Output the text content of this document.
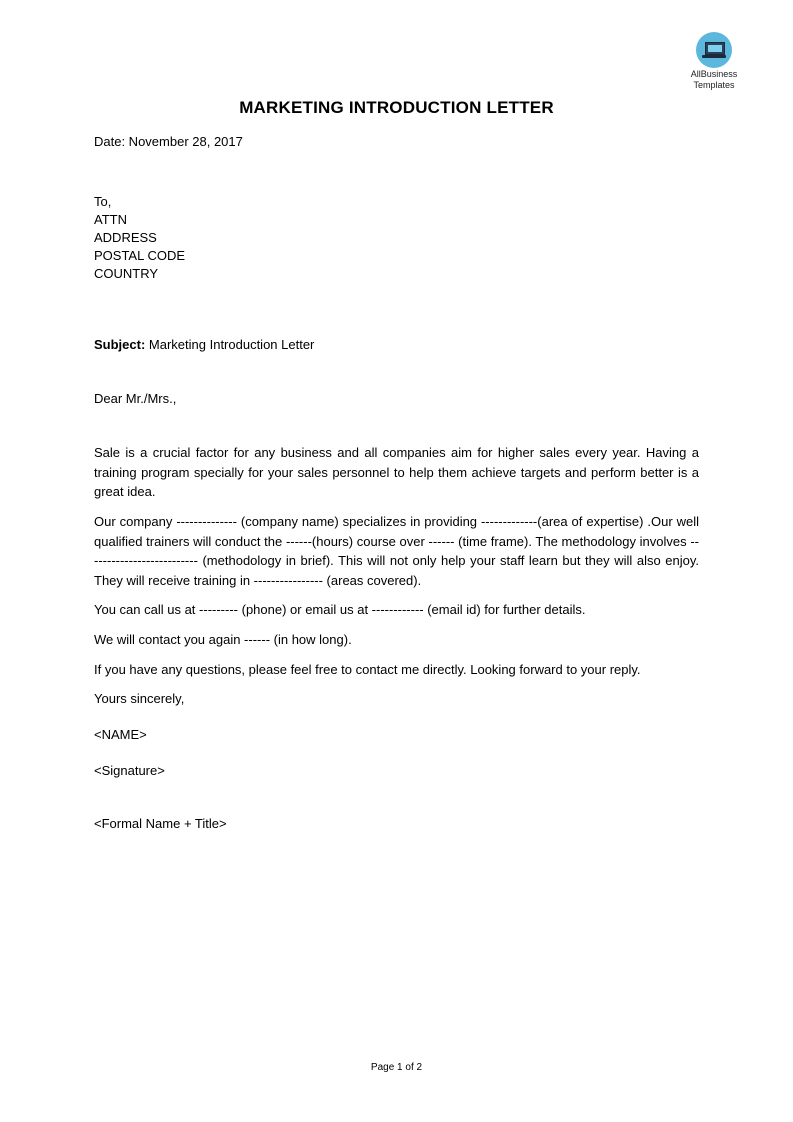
AllBusiness
Templates
MARKETING INTRODUCTION LETTER
Date: November 28, 2017
To,
ATTN
ADDRESS
POSTAL CODE
COUNTRY
Subject: Marketing Introduction Letter
Dear Mr./Mrs.,
Sale is a crucial factor for any business and all companies aim for higher sales every year. Having a training program specially for your sales personnel to help them achieve targets and perform better is a great idea.
Our company -------------- (company name) specializes in providing -------------(area of expertise) .Our well qualified trainers will conduct the ------(hours) course over ------ (time frame). The methodology involves -------------------------- (methodology in brief). This will not only help your staff learn but they will also enjoy. They will receive training in ---------------- (areas covered).
You can call us at --------- (phone) or email us at ------------ (email id) for further details.
We will contact you again ------ (in how long).
If you have any questions, please feel free to contact me directly. Looking forward to your reply.
Yours sincerely,
<NAME>
<Signature>
<Formal Name + Title>
Page 1 of 2
